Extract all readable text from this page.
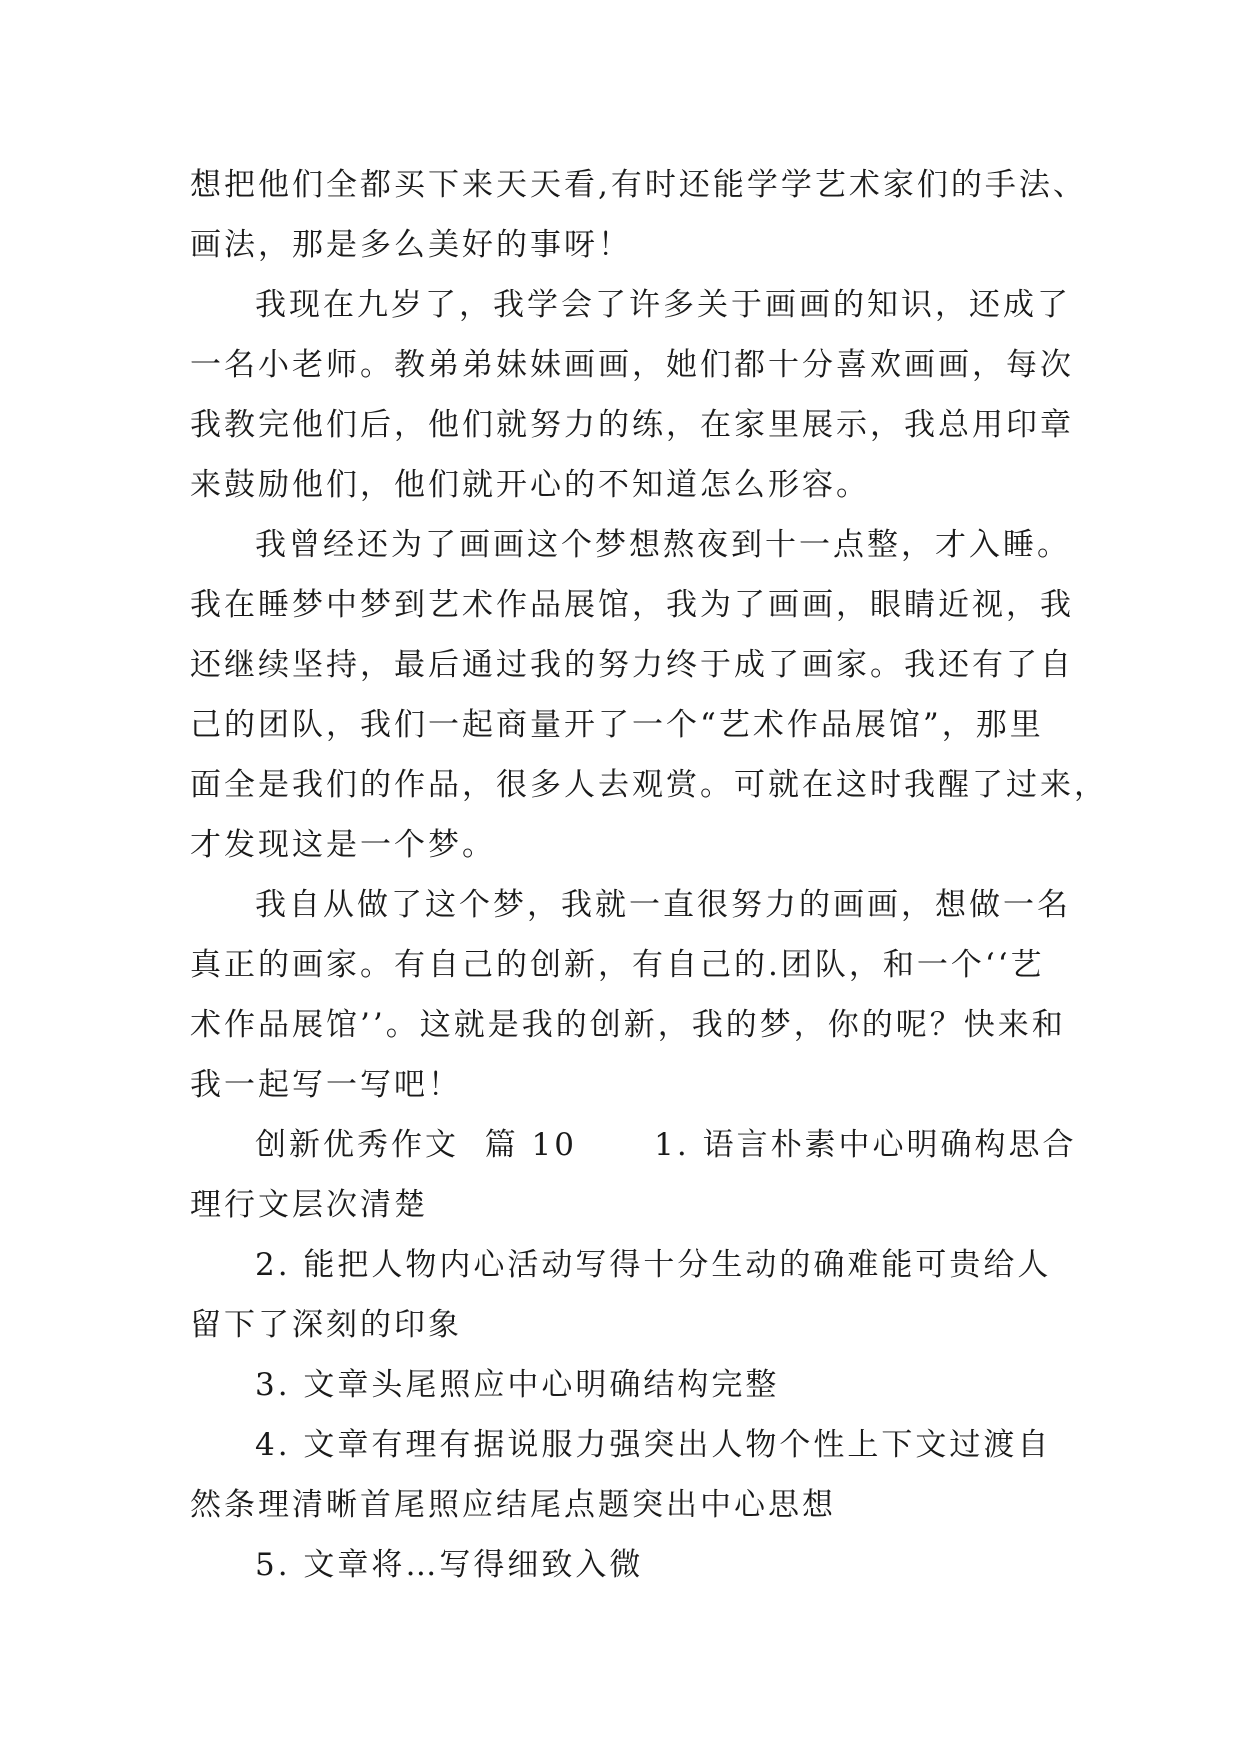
想把他们全都买下来天天看,有时还能学学艺术家们的手法、
画法，那是多么美好的事呀！
我现在九岁了，我学会了许多关于画画的知识，还成了
一名小老师。教弟弟妹妹画画，她们都十分喜欢画画，每次
我教完他们后，他们就努力的练，在家里展示，我总用印章
来鼓励他们，他们就开心的不知道怎么形容。
我曾经还为了画画这个梦想熬夜到十一点整，才入睡。
我在睡梦中梦到艺术作品展馆，我为了画画，眼睛近视，我
还继续坚持，最后通过我的努力终于成了画家。我还有了自
己的团队，我们一起商量开了一个“艺术作品展馆”，那里
面全是我们的作品，很多人去观赏。可就在这时我醒了过来，
才发现这是一个梦。
我自从做了这个梦，我就一直很努力的画画，想做一名
真正的画家。有自己的创新，有自己的.团队，和一个‘‘艺
术作品展馆’’。这就是我的创新，我的梦，你的呢？快来和
我一起写一写吧！
创新优秀作文  篇 10      1. 语言朴素中心明确构思合
理行文层次清楚
2. 能把人物内心活动写得十分生动的确难能可贵给人
留下了深刻的印象
3. 文章头尾照应中心明确结构完整
4. 文章有理有据说服力强突出人物个性上下文过渡自
然条理清晰首尾照应结尾点题突出中心思想
5. 文章将…写得细致入微
